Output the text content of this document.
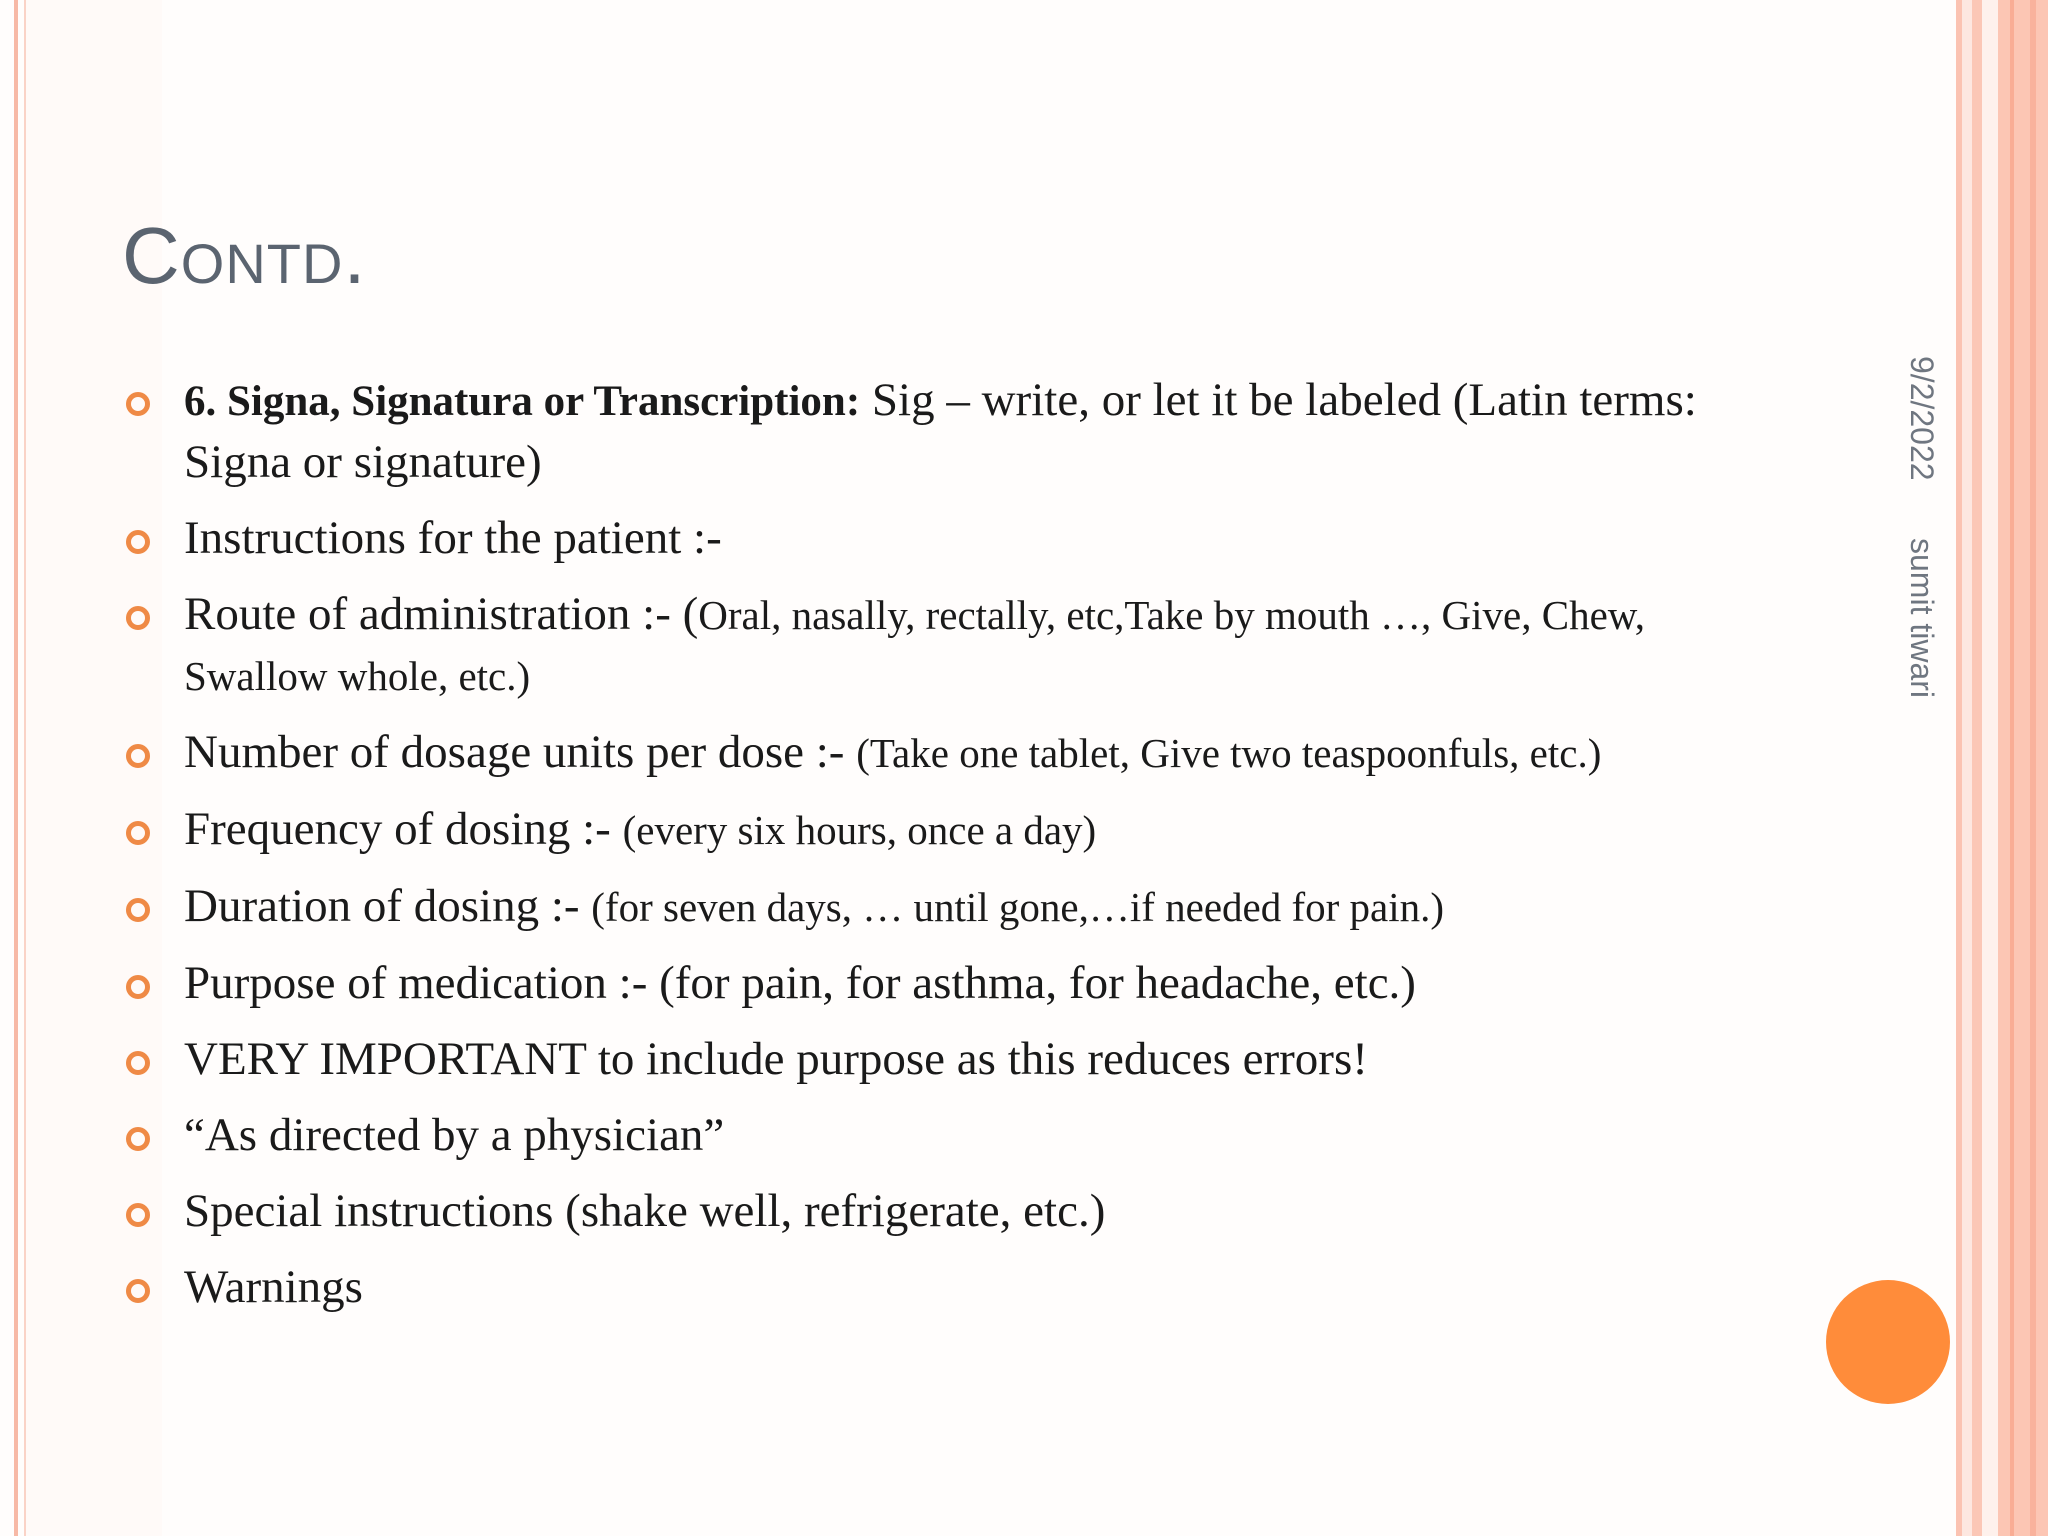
Contd.
9/2/2022
sumit tiwari
6. Signa, Signatura or Transcription: Sig – write, or let it be labeled (Latin terms: Signa or signature)
Instructions for the patient :-
Route of administration :- (Oral, nasally, rectally, etc,Take by mouth …, Give, Chew, Swallow whole, etc.)
Number of dosage units per dose :- (Take one tablet, Give two teaspoonfuls, etc.)
Frequency of dosing :- (every six hours, once a day)
Duration of dosing :- (for seven days, … until gone,…if needed for pain.)
Purpose of medication :- (for pain, for asthma, for headache, etc.)
VERY IMPORTANT to include purpose as this reduces errors!
“As directed by a physician”
Special instructions (shake well, refrigerate, etc.)
Warnings
